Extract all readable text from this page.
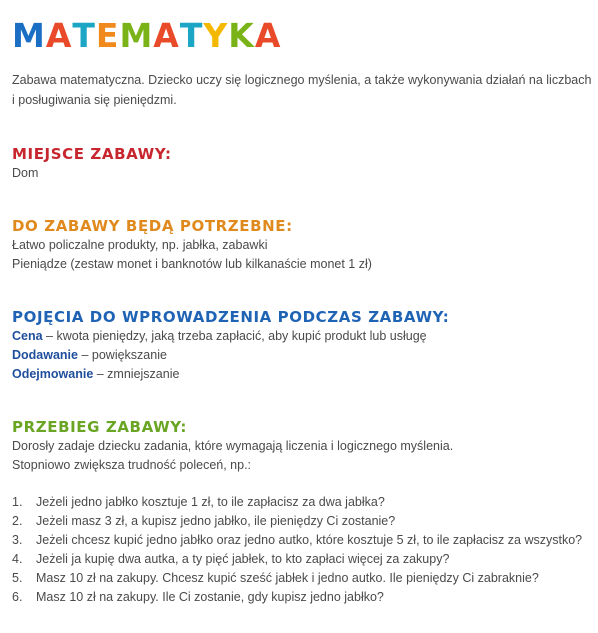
MATEMATYKA

Zabawa matematyczna. Dziecko uczy się logicznego myślenia, a także wykonywania działań na liczbach i posługiwania się pieniędzmi.

MIEJSCE ZABAWY:

Dom

DO ZABAWY BĘDĄ POTRZEBNE:

Łatwo policzalne produkty, np. jabłka, zabawki

Pieniądze (zestaw monet i banknotów lub kilkanaście monet 1 zł)

POJĘCIA DO WPROWADZENIA PODCZAS ZABAWY:

Cena – kwota pieniędzy, jaką trzeba zapłacić, aby kupić produkt lub usługę

Dodawanie – powiększanie

Odejmowanie – zmniejszanie

PRZEBIEG ZABAWY:

Dorosły zadaje dziecku zadania, które wymagają liczenia i logicznego myślenia.

Stopniowo zwiększa trudność poleceń, np.:

1. Jeżeli jedno jabłko kosztuje 1 zł, to ile zapłacisz za dwa jabłka?
2. Jeżeli masz 3 zł, a kupisz jedno jabłko, ile pieniędzy Ci zostanie?
3. Jeżeli chcesz kupić jedno jabłko oraz jedno autko, które kosztuje 5 zł, to ile zapłacisz za wszystko?
4. Jeżeli ja kupię dwa autka, a ty pięć jabłek, to kto zapłaci więcej za zakupy?
5. Masz 10 zł na zakupy. Chcesz kupić sześć jabłek i jedno autko. Ile pieniędzy Ci zabraknie?
6. Masz 10 zł na zakupy. Ile Ci zostanie, gdy kupisz jedno jabłko?
